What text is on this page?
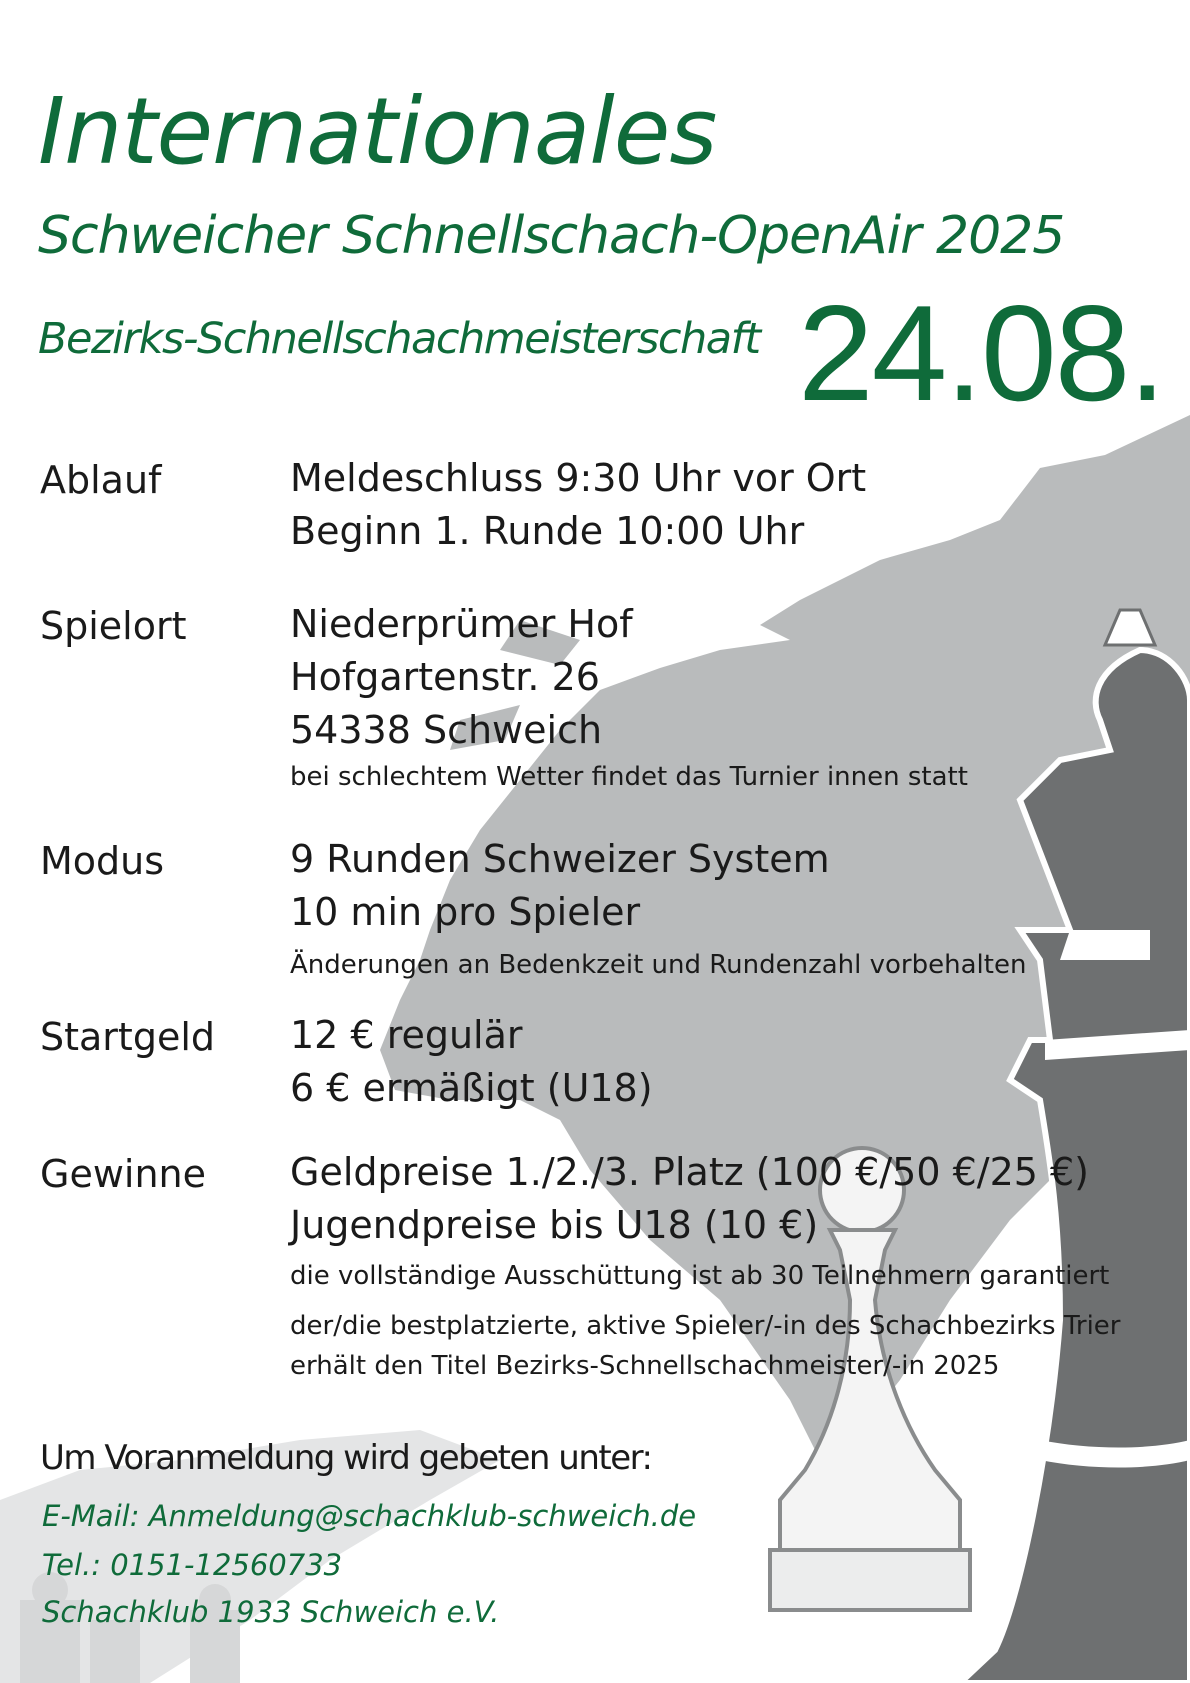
Internationales
Schweicher Schnellschach-OpenAir 2025
Bezirks-Schnellschachmeisterschaft 24.08.
Ablauf	Meldeschluss 9:30 Uhr vor Ort
Beginn 1. Runde 10:00 Uhr
Spielort	Niederprümer Hof
Hofgartenstr. 26
54338 Schweich
bei schlechtem Wetter findet das Turnier innen statt
Modus	9 Runden Schweizer System
10 min pro Spieler
Änderungen an Bedenkzeit und Rundenzahl vorbehalten
Startgeld 12 € regulär
6 € ermäßigt (U18)
Gewinne Geldpreise 1./2./3. Platz (100 €/50 €/25 €)
Jugendpreise bis U18 (10 €)
die vollständige Ausschüttung ist ab 30 Teilnehmern garantiert
der/die bestplatzierte, aktive Spieler/-in des Schachbezirks Trier
erhält den Titel Bezirks-Schnellschachmeister/-in 2025
Um Voranmeldung wird gebeten unter:
E-Mail: Anmeldung@schachklub-schweich.de
Tel.: 0151-12560733
Schachklub 1933 Schweich e.V.
